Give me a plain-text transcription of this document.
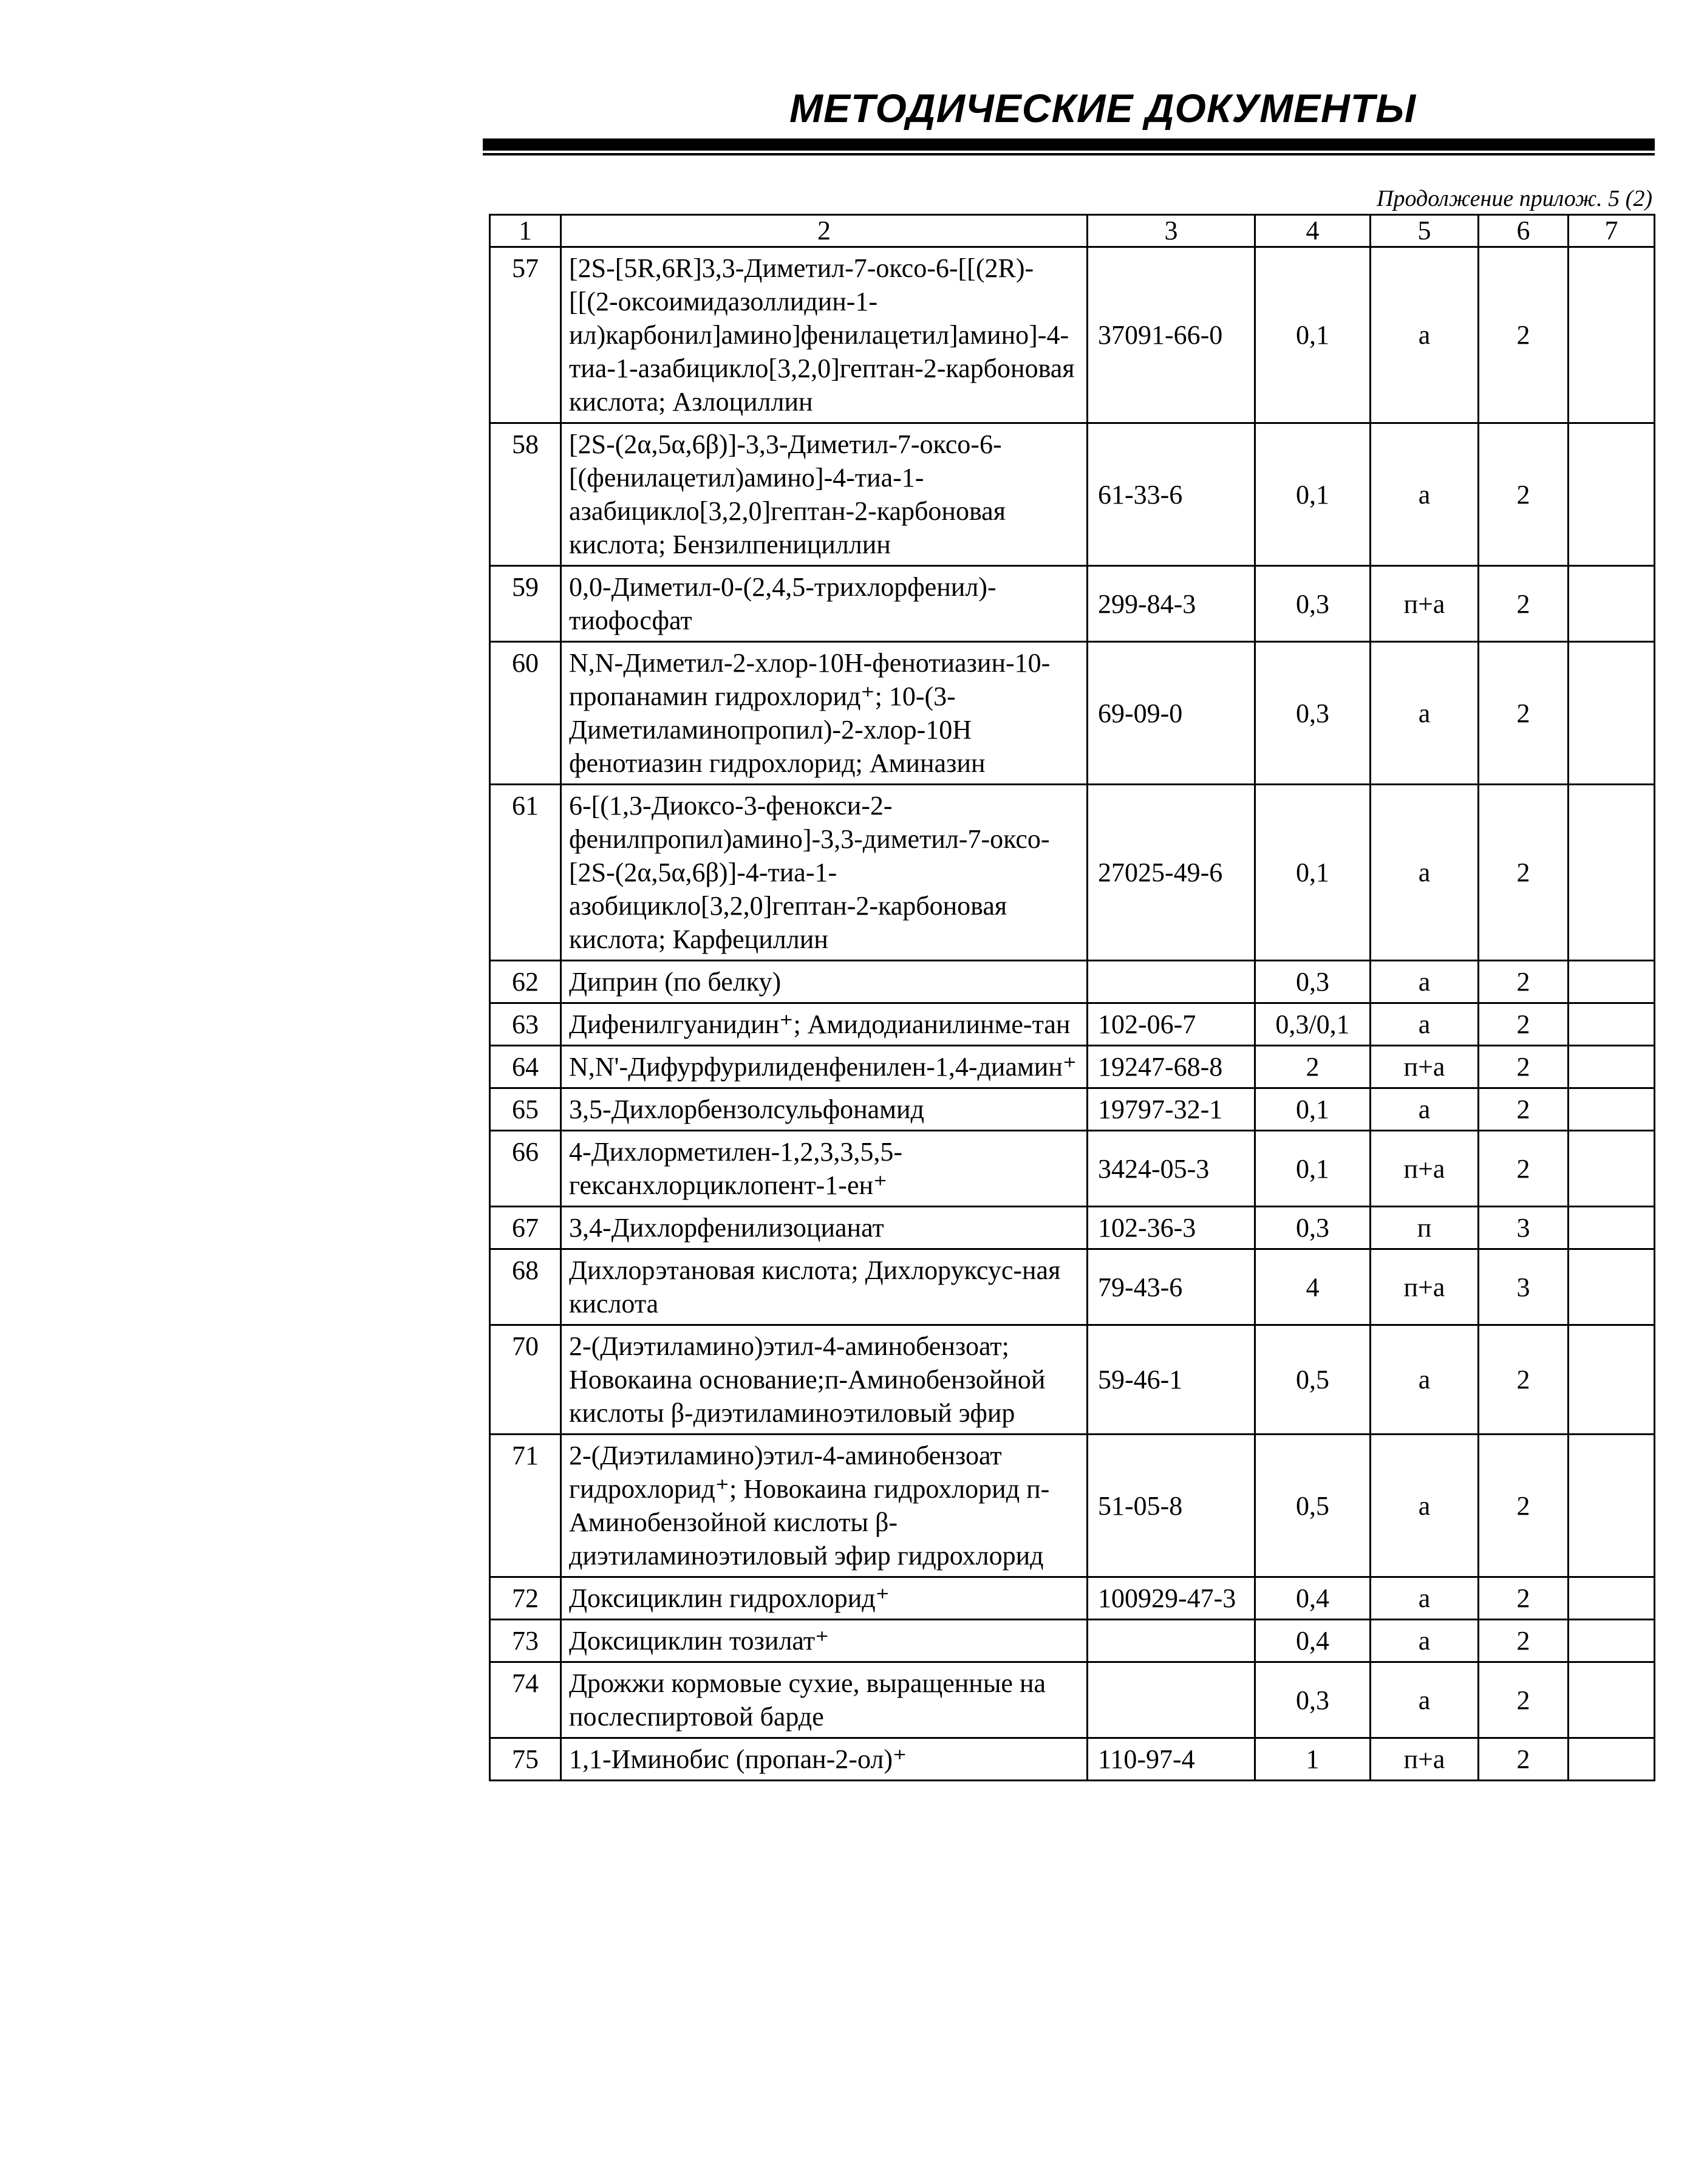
МЕТОДИЧЕСКИЕ ДОКУМЕНТЫ
Продолжение прилож. 5 (2)
1	2	3	4	5	6	7
57	[2S-[5R,6R]3,3-Диметил-7-оксо-6-[[(2R)-[[(2-оксоимидазоллидин-1-ил)карбонил]амино]фенилацетил]амино]-4-тиа-1-азабицикло[3,2,0]гептан-2-карбоновая кислота; Азлоциллин	37091-66-0	0,1	а	2	
58	[2S-(2α,5α,6β)]-3,3-Диметил-7-оксо-6-[(фенилацетил)амино]-4-тиа-1-азабицикло[3,2,0]гептан-2-карбоновая кислота; Бензилпенициллин	61-33-6	0,1	а	2	
59	0,0-Диметил-0-(2,4,5-трихлорфенил)-тиофосфат	299-84-3	0,3	п+а	2	
60	N,N-Диметил-2-хлор-10H-фенотиазин-10-пропанамин гидрохлорид⁺; 10-(3-Диметиламинопропил)-2-хлор-10Н фенотиазин гидрохлорид; Аминазин	69-09-0	0,3	а	2	
61	6-[(1,3-Диоксо-3-фенокси-2-фенилпропил)амино]-3,3-диметил-7-оксо-[2S-(2α,5α,6β)]-4-тиа-1-азобицикло[3,2,0]гептан-2-карбоновая кислота; Карфециллин	27025-49-6	0,1	а	2	
62	Диприн (по белку)		0,3	а	2	
63	Дифенилгуанидин⁺; Амидодианилинме-тан	102-06-7	0,3/0,1	а	2	
64	N,N'-Дифурфурилиденфенилен-1,4-диамин⁺	19247-68-8	2	п+а	2	
65	3,5-Дихлорбензолсульфонамид	19797-32-1	0,1	а	2	
66	4-Дихлорметилен-1,2,3,3,5,5-гексанхлорциклопент-1-ен⁺	3424-05-3	0,1	п+а	2	
67	3,4-Дихлорфенилизоцианат	102-36-3	0,3	п	3	
68	Дихлорэтановая кислота; Дихлоруксус-ная кислота	79-43-6	4	п+а	3	
70	2-(Диэтиламино)этил-4-аминобензоат; Новокаина основание;п-Аминобензойной кислоты β-диэтиламиноэтиловый эфир	59-46-1	0,5	а	2	
71	2-(Диэтиламино)этил-4-аминобензоат гидрохлорид⁺; Новокаина гидрохлорид п-Аминобензойной кислоты β-диэтиламиноэтиловый эфир гидрохлорид	51-05-8	0,5	а	2	
72	Доксициклин гидрохлорид⁺	100929-47-3	0,4	а	2	
73	Доксициклин тозилат⁺		0,4	а	2	
74	Дрожжи кормовые сухие, выращенные на послеспиртовой барде		0,3	а	2	
75	1,1-Иминобис (пропан-2-ол)⁺	110-97-4	1	п+а	2	
